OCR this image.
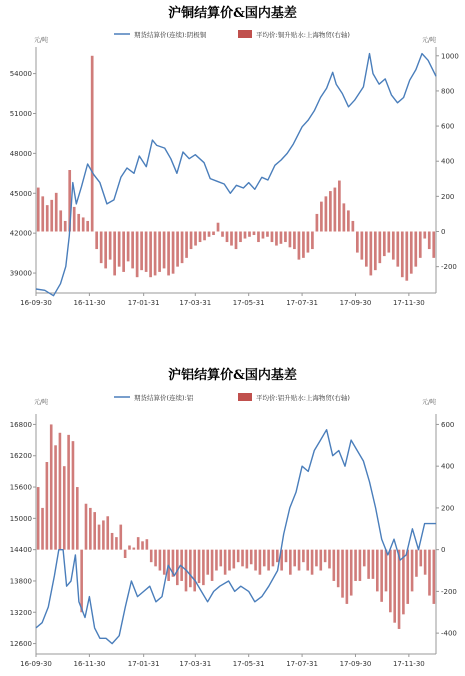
沪铜结算价&国内基差
期货结算价(连续):阴极铜	平均价:铜升贴水:上海物贸(右轴)
元/吨	元/吨
39000
42000
45000
48000
51000
54000
-200
0
200
400
600
800
1000
16-09-30	16-11-30	17-01-31	17-03-31	17-05-31	17-07-31	17-09-30	17-11-30
沪铝结算价&国内基差
期货结算价(连续):铝	平均价:铝升贴水:上海物贸(右轴)
元/吨	元/吨
12600
13200
13800
14400
15000
15600
16200
16800
-400
-200
0
200
400
600
16-09-30	16-11-30	17-01-31	17-03-31	17-05-31	17-07-31	17-09-30	17-11-30
